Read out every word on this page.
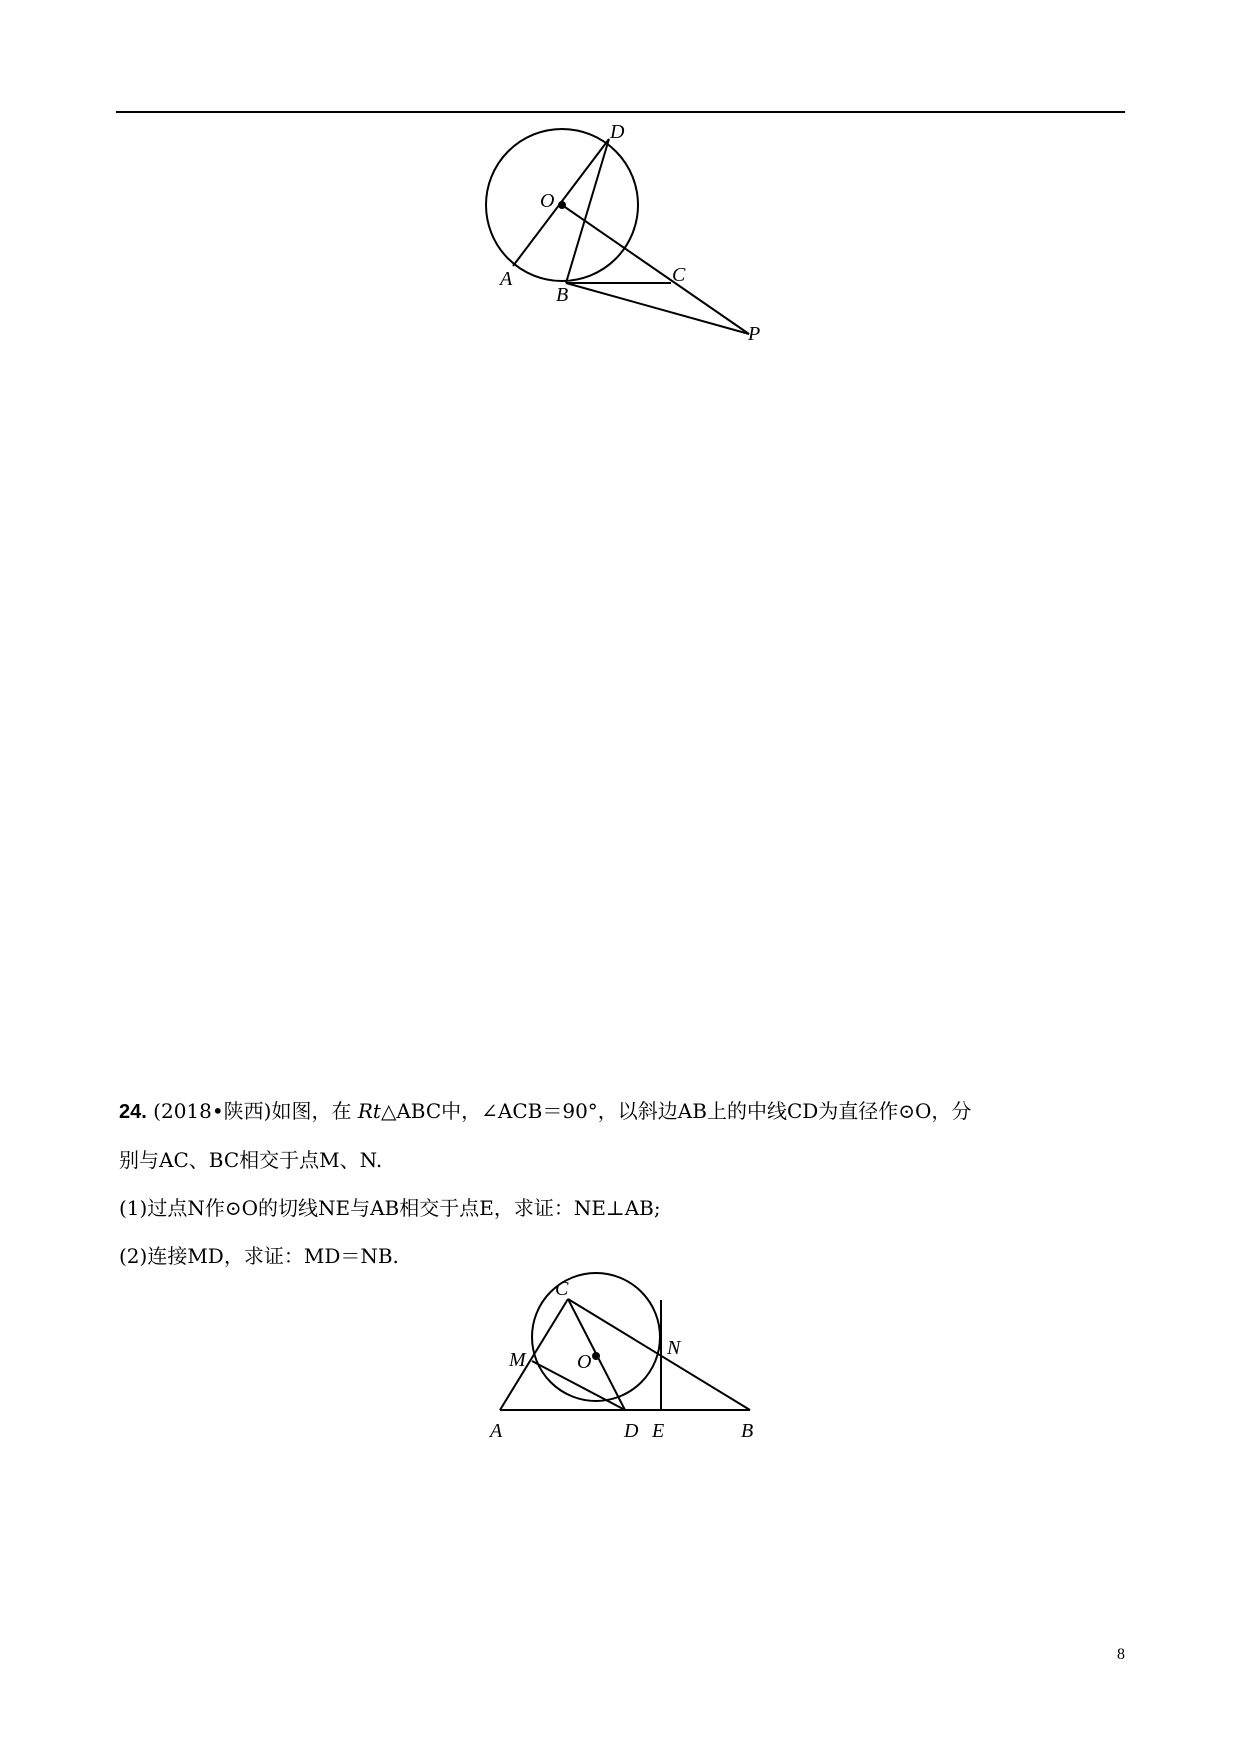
D
O
A
B
C
P

24. (2018•陕西)如图，在 Rt△ABC中，∠ACB＝90°，以斜边AB上的中线CD为直径作⊙O，分

别与AC、BC相交于点M、N.

(1)过点N作⊙O的切线NE与AB相交于点E，求证：NE⊥AB;

(2)连接MD，求证：MD＝NB.

C
M	O
N
A	D E	B
8
